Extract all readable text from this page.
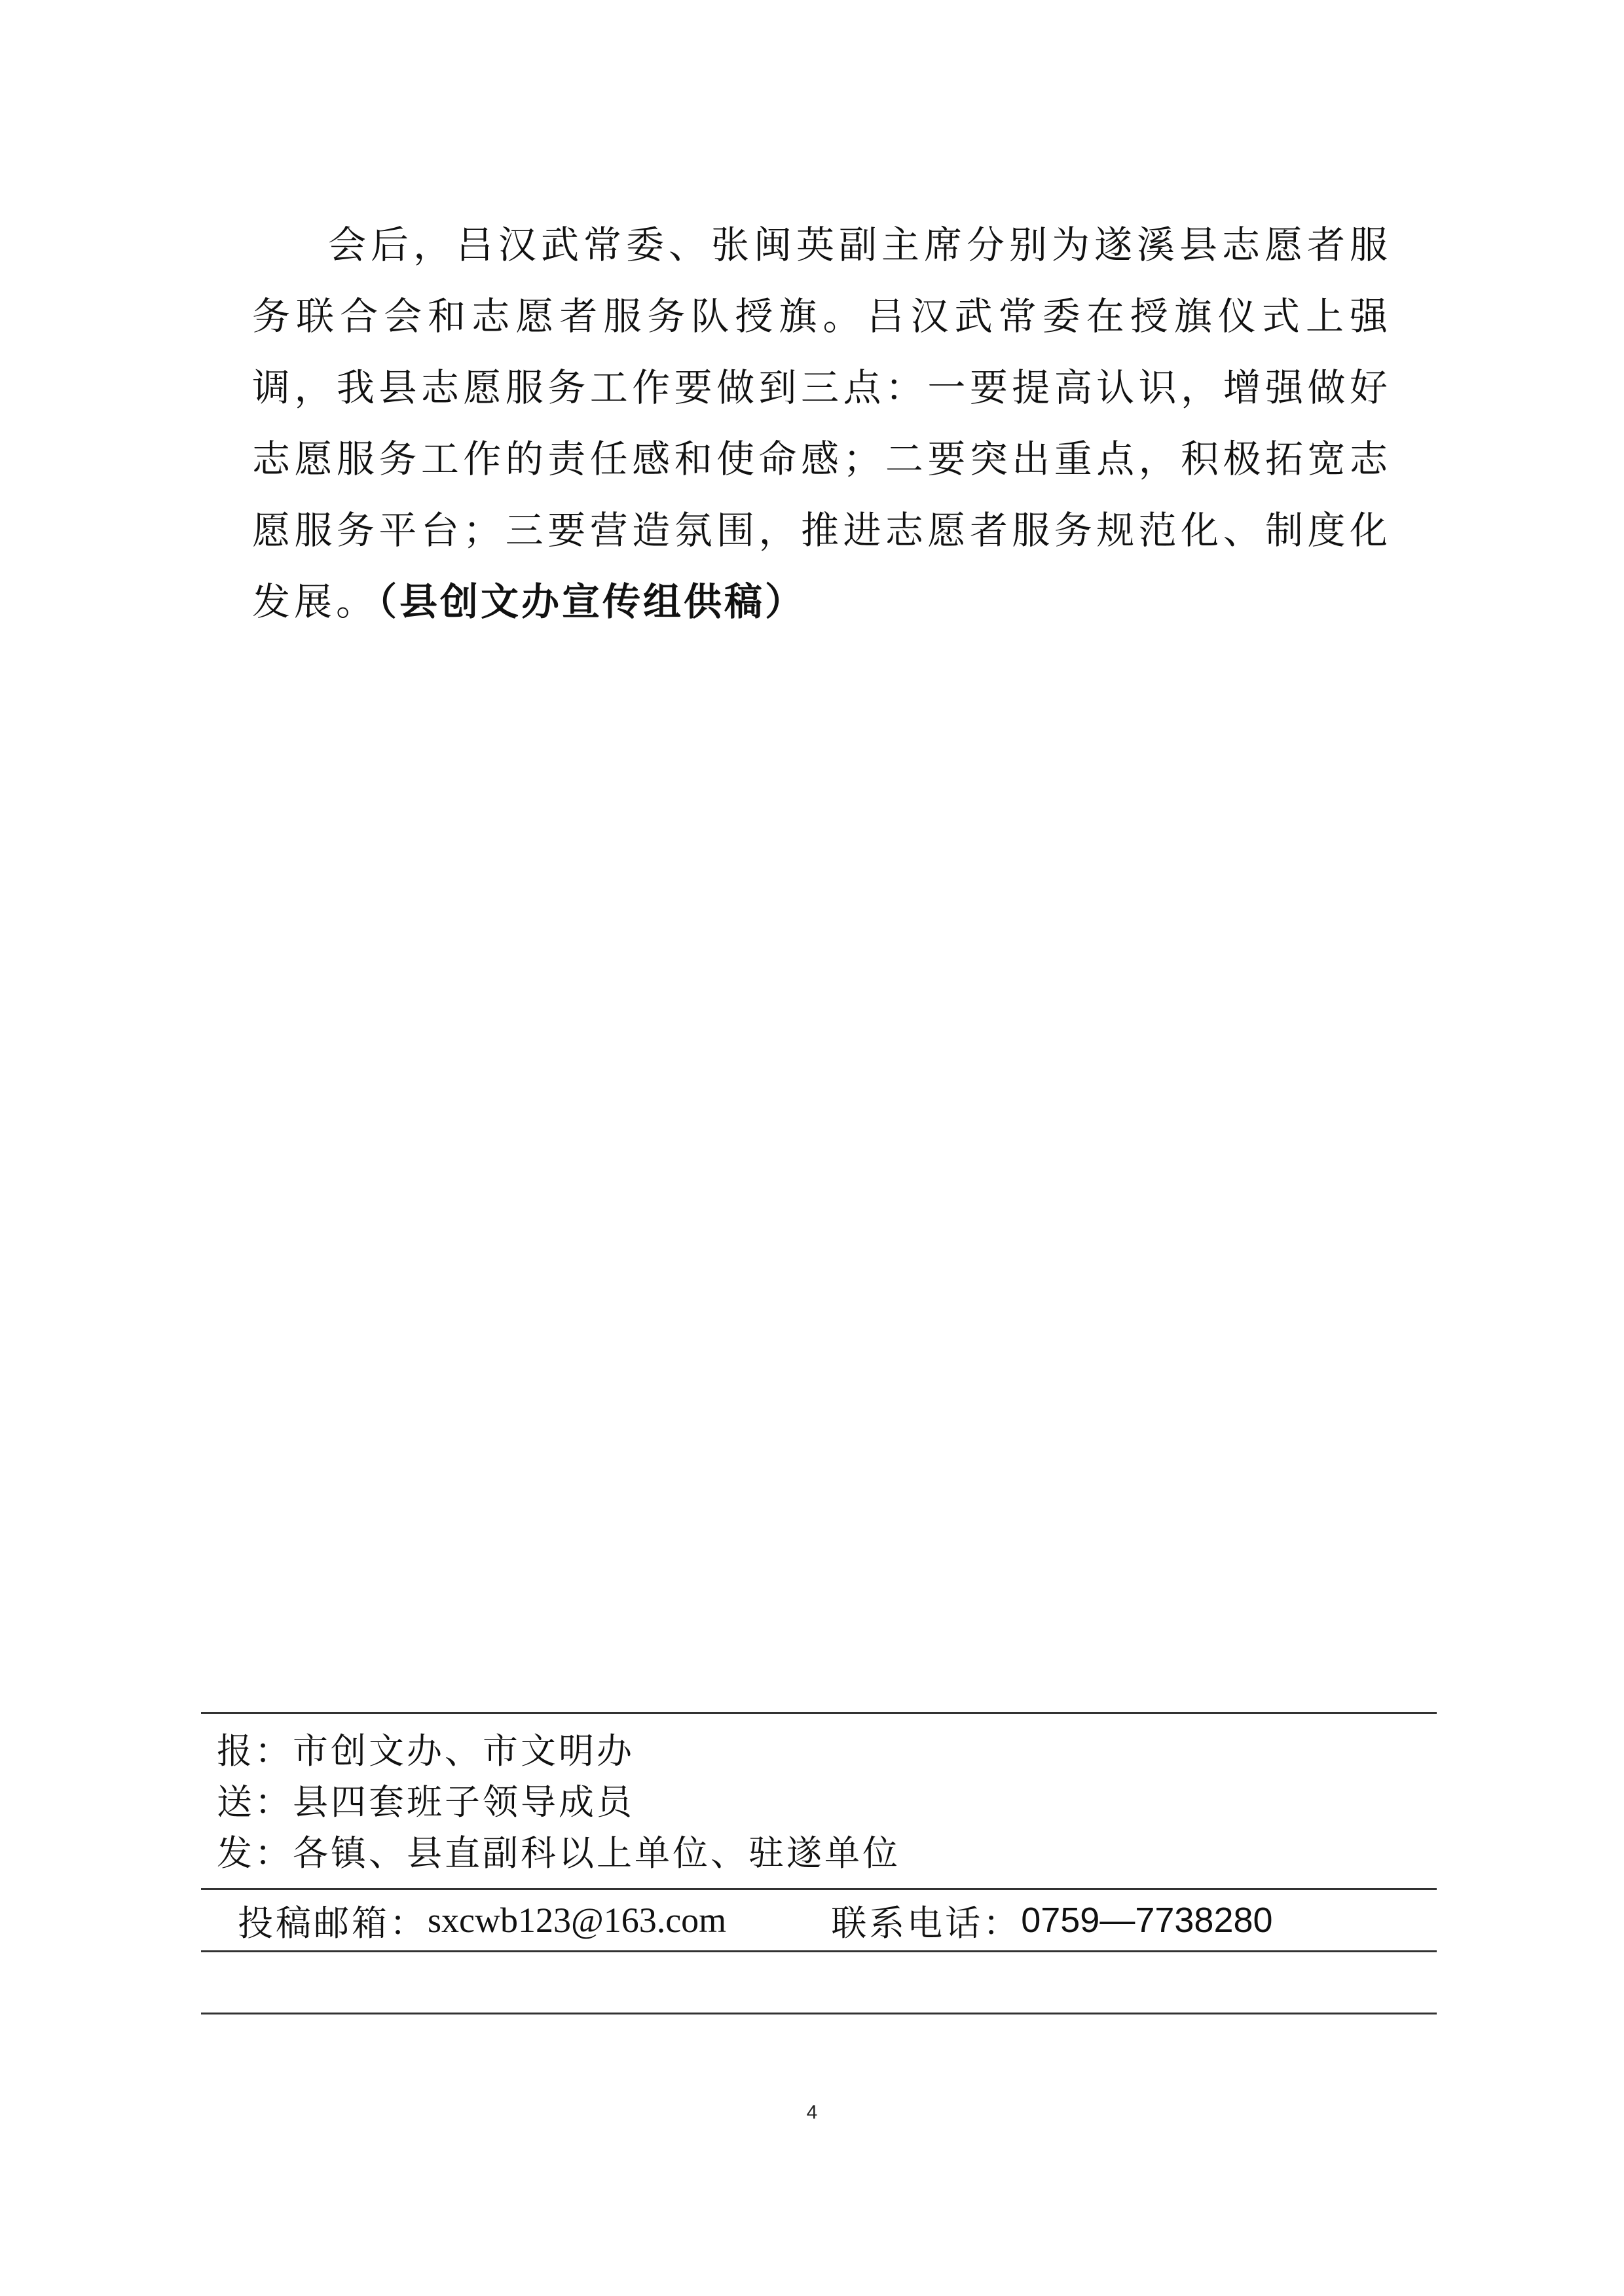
会后，吕汉武常委、张闽英副主席分别为遂溪县志愿者服务联合会和志愿者服务队授旗。吕汉武常委在授旗仪式上强调，我县志愿服务工作要做到三点：一要提高认识，增强做好志愿服务工作的责任感和使命感；二要突出重点，积极拓宽志愿服务平台；三要营造氛围，推进志愿者服务规范化、制度化发展。（县创文办宣传组供稿）

报：市创文办、市文明办
送：县四套班子领导成员
发：各镇、县直副科以上单位、驻遂单位
投稿邮箱： sxcwb123@163.com	联系电话： 0759—7738280
4
